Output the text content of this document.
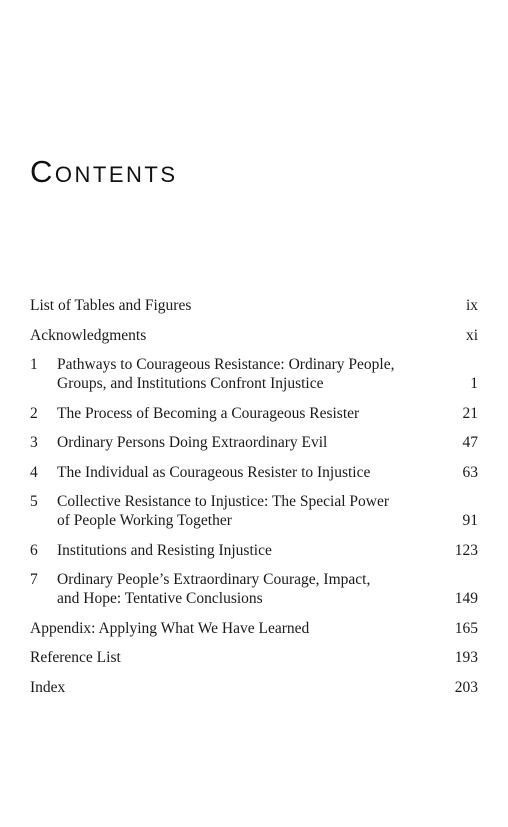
Contents
List of Tables and Figures	ix
Acknowledgments	xi
1	Pathways to Courageous Resistance: Ordinary People,
Groups, and Institutions Confront Injustice	1
2	The Process of Becoming a Courageous Resister	21
3	Ordinary Persons Doing Extraordinary Evil	47
4	The Individual as Courageous Resister to Injustice	63
5	Collective Resistance to Injustice: The Special Power
of People Working Together	91
6	Institutions and Resisting Injustice	123
7	Ordinary People’s Extraordinary Courage, Impact,
and Hope: Tentative Conclusions	149
Appendix: Applying What We Have Learned	165
Reference List	193
Index	203
